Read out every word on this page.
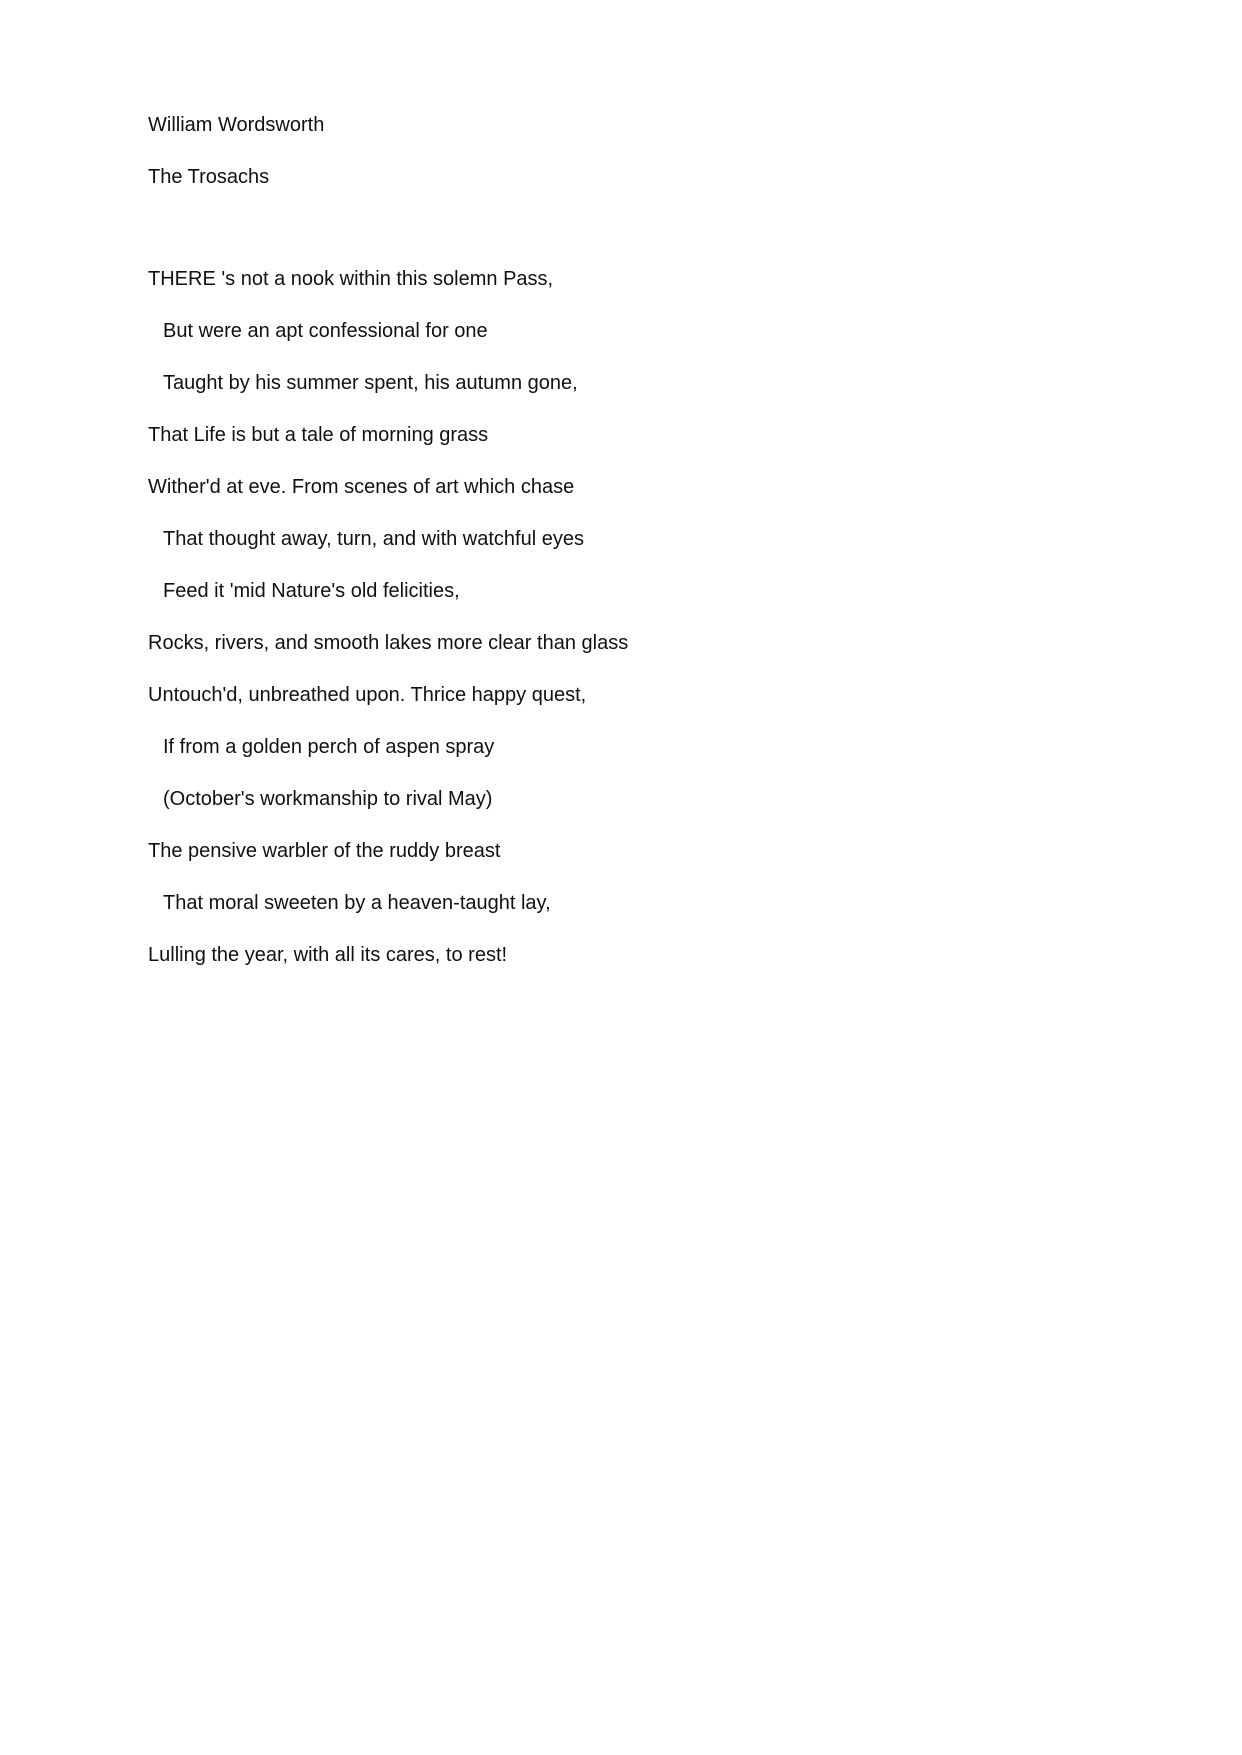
William Wordsworth

The Trosachs

THERE 's not a nook within this solemn Pass,

But were an apt confessional for one

Taught by his summer spent, his autumn gone,

That Life is but a tale of morning grass

Wither'd at eve. From scenes of art which chase

That thought away, turn, and with watchful eyes

Feed it 'mid Nature's old felicities,

Rocks, rivers, and smooth lakes more clear than glass

Untouch'd, unbreathed upon. Thrice happy quest,

If from a golden perch of aspen spray

(October's workmanship to rival May)

The pensive warbler of the ruddy breast

That moral sweeten by a heaven-taught lay,

Lulling the year, with all its cares, to rest!
